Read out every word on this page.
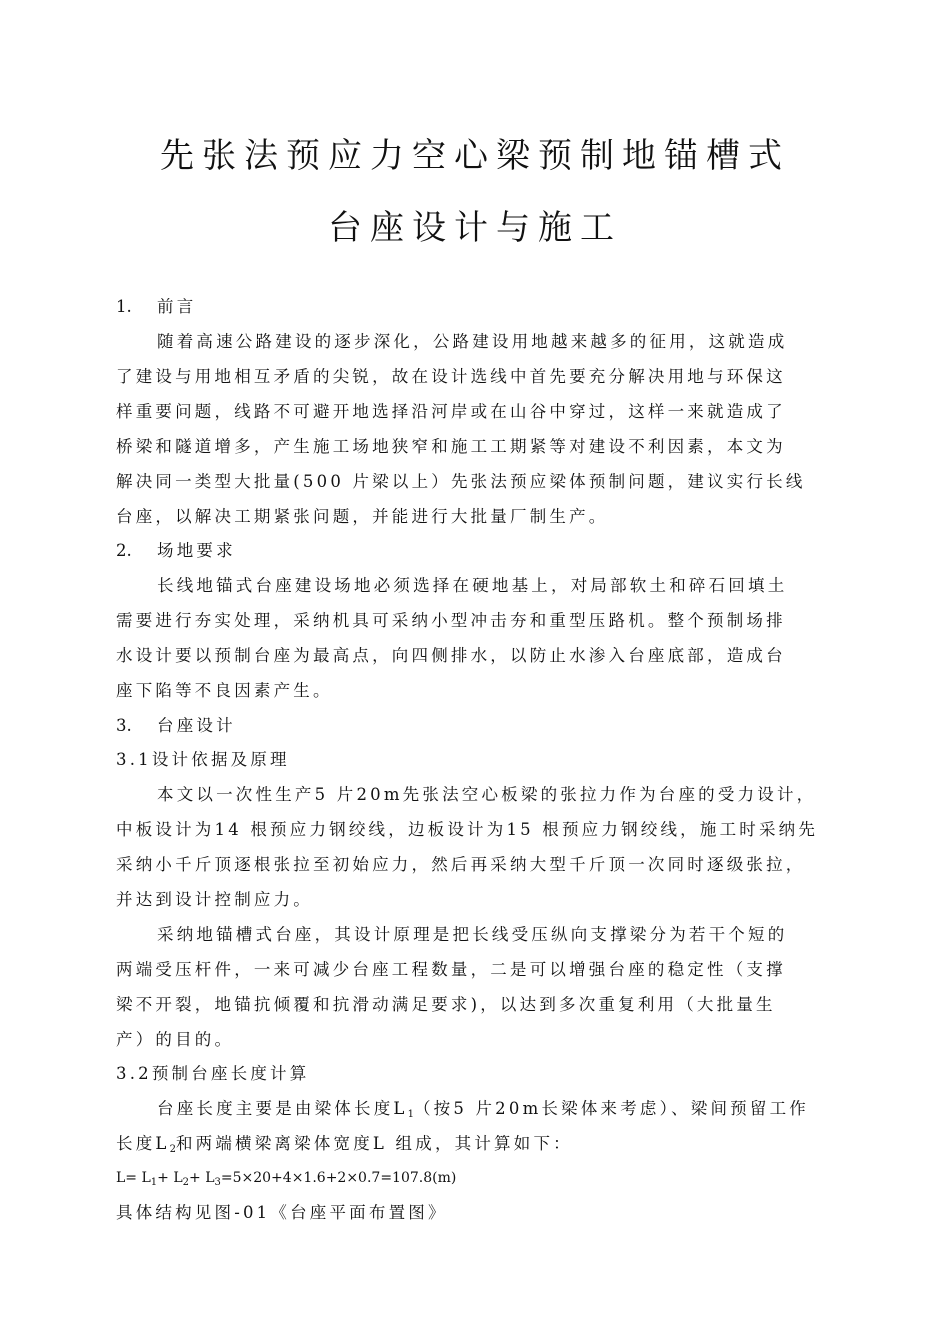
先张法预应力空心梁预制地锚槽式
台座设计与施工
1. 前言
随着高速公路建设的逐步深化，公路建设用地越来越多的征用，这就造成
了建设与用地相互矛盾的尖锐，故在设计选线中首先要充分解决用地与环保这
样重要问题，线路不可避开地选择沿河岸或在山谷中穿过，这样一来就造成了
桥梁和隧道增多，产生施工场地狭窄和施工工期紧等对建设不利因素，本文为
解决同一类型大批量(500 片梁以上）先张法预应梁体预制问题，建议实行长线
台座，以解决工期紧张问题，并能进行大批量厂制生产。
2. 场地要求
长线地锚式台座建设场地必须选择在硬地基上，对局部软土和碎石回填土
需要进行夯实处理，采纳机具可采纳小型冲击夯和重型压路机。整个预制场排
水设计要以预制台座为最高点，向四侧排水，以防止水渗入台座底部，造成台
座下陷等不良因素产生。
3. 台座设计
3.1设计依据及原理
本文以一次性生产5 片20m先张法空心板梁的张拉力作为台座的受力设计，
中板设计为14 根预应力钢绞线，边板设计为15 根预应力钢绞线，施工时采纳先
采纳小千斤顶逐根张拉至初始应力，然后再采纳大型千斤顶一次同时逐级张拉，
并达到设计控制应力。
采纳地锚槽式台座，其设计原理是把长线受压纵向支撑梁分为若干个短的
两端受压杆件，一来可减少台座工程数量，二是可以增强台座的稳定性（支撑
梁不开裂，地锚抗倾覆和抗滑动满足要求)，以达到多次重复利用（大批量生
产）的目的。
3.2预制台座长度计算
台座长度主要是由梁体长度$L_1$（按5 片20m长梁体来考虑）、梁间预留工作
长度$L_2$和两端横梁离梁体宽度L 组成，其计算如下：
$L= L_1+ L_2+ L_3=5\times 20+4\times 1.6+2\times 0.7=107.8(m)$
具体结构见图-01《台座平面布置图》
